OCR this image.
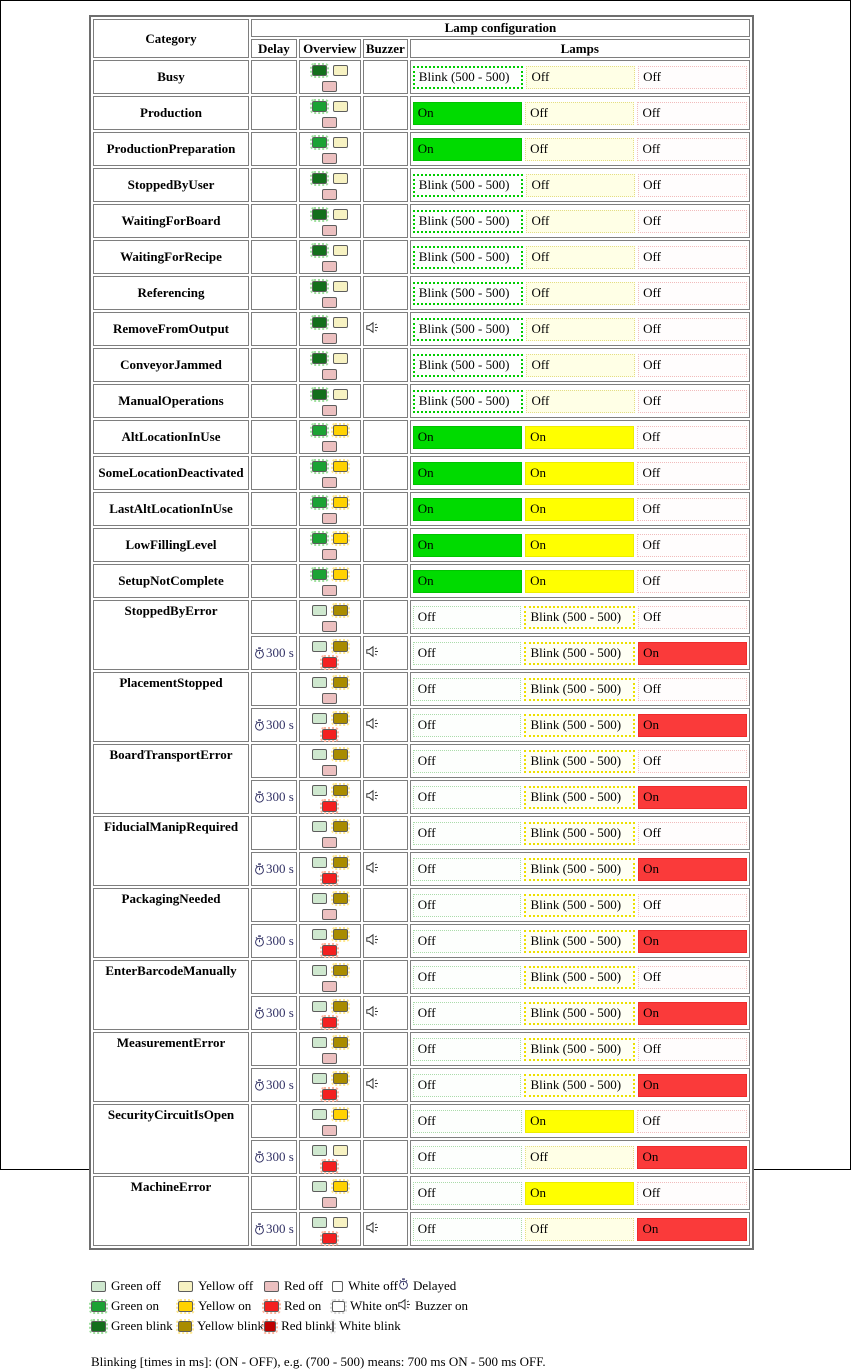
Category	Lamp configuration			
	Delay	Overview	Buzzer	Lamps
Busy				Blink (500 - 500) Off Off

Production				On Off Off

ProductionPreparation				On Off Off

StoppedByUser				Blink (500 - 500) Off Off

WaitingForBoard				Blink (500 - 500) Off Off

WaitingForRecipe				Blink (500 - 500) Off Off

Referencing				Blink (500 - 500) Off Off

RemoveFromOutput				Blink (500 - 500) Off Off

ConveyorJammed				Blink (500 - 500) Off Off

ManualOperations				Blink (500 - 500) Off Off

AltLocationInUse				On On Off

SomeLocationDeactivated				On On Off

LastAltLocationInUse				On On Off

LowFillingLevel				On On Off

SetupNotComplete				On On Off

StoppedByError				Off Blink (500 - 500) Off

	300 s			Off Blink (500 - 500) On

PlacementStopped				Off Blink (500 - 500) Off

	300 s			Off Blink (500 - 500) On

BoardTransportError				Off Blink (500 - 500) Off

	300 s			Off Blink (500 - 500) On

FiducialManipRequired				Off Blink (500 - 500) Off

	300 s			Off Blink (500 - 500) On

PackagingNeeded				Off Blink (500 - 500) Off

	300 s			Off Blink (500 - 500) On

EnterBarcodeManually				Off Blink (500 - 500) Off

	300 s			Off Blink (500 - 500) On

MeasurementError				Off Blink (500 - 500) Off

	300 s			Off Blink (500 - 500) On

SecurityCircuitIsOpen				Off On Off

	300 s			Off Off On

MachineError				Off On Off

	300 s			Off Off On
Green off	Yellow off Red off White off Delayed
Green on	Yellow on	Red on White on Buzzer on
Green blink Yellow blink Red blink White blink
Blinking [times in ms]: (ON - OFF), e.g. (700 - 500) means: 700 ms ON - 500 ms OFF.
